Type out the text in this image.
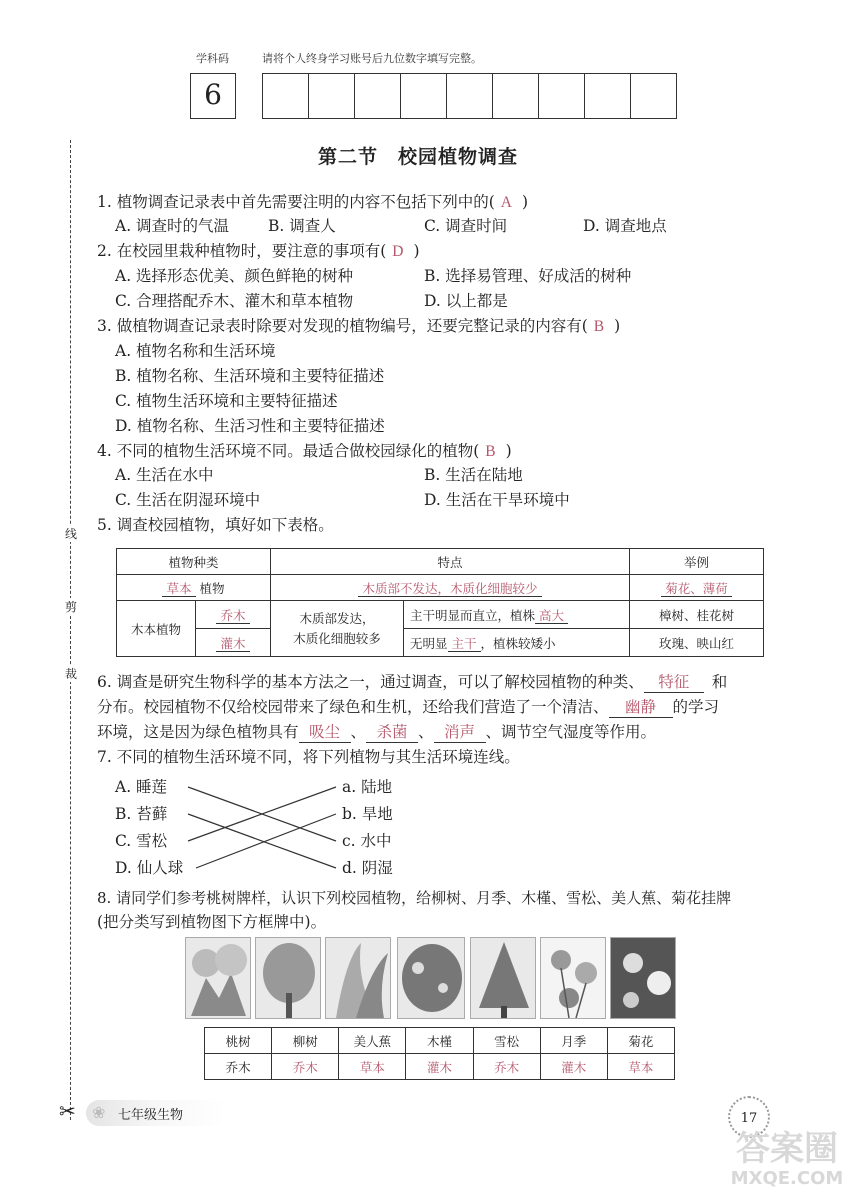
学科码	请将个人终身学习账号后九位数字填写完整。
6
线
剪
裁
✂
第二节　校园植物调查
1. 植物调查记录表中首先需要注明的内容不包括下列中的( A )
A. 调查时的气温	B. 调查人	C. 调查时间	D. 调查地点
2. 在校园里栽种植物时，要注意的事项有( D )
A. 选择形态优美、颜色鲜艳的树种	B. 选择易管理、好成活的树种
C. 合理搭配乔木、灌木和草本植物	D. 以上都是
3. 做植物调查记录表时除要对发现的植物编号，还要完整记录的内容有( B )
A. 植物名称和生活环境
B. 植物名称、生活环境和主要特征描述
C. 植物生活环境和主要特征描述
D. 植物名称、生活习性和主要特征描述
4. 不同的植物生活环境不同。最适合做校园绿化的植物( B )
A. 生活在水中	B. 生活在陆地
C. 生活在阴湿环境中	D. 生活在干旱环境中
5. 调查校园植物，填好如下表格。
植物种类		特点		举例
草本 植物		木质部不发达，木质化细胞较少		菊花、薄荷
木本植物	乔木	木质部发达，
木质化细胞较多	主干明显而直立，植株 高大	樟树、桂花树
	灌木		无明显 主干 ，植株较矮小	玫瑰、映山红
6. 调查是研究生物科学的基本方法之一，通过调查，可以了解校园植物的种类、 特征 和
分布。校园植物不仅给校园带来了绿色和生机，还给我们营造了一个清洁、 幽静 的学习
环境，这是因为绿色植物具有 吸尘 、 杀菌 、 消声 、调节空气湿度等作用。
7. 不同的植物生活环境不同，将下列植物与其生活环境连线。
A. 睡莲
B. 苔藓
C. 雪松
D. 仙人球
a. 陆地
b. 旱地
c. 水中
d. 阴湿
8. 请同学们参考桃树牌样，认识下列校园植物，给柳树、月季、木槿、雪松、美人蕉、菊花挂牌
(把分类写到植物图下方框牌中)。
桃树	柳树	美人蕉	木槿	雪松	月季	菊花
乔木	乔木	草本	灌木	乔木	灌木	草本
❀ 七年级生物	17
答案圈
MXQE.COM
